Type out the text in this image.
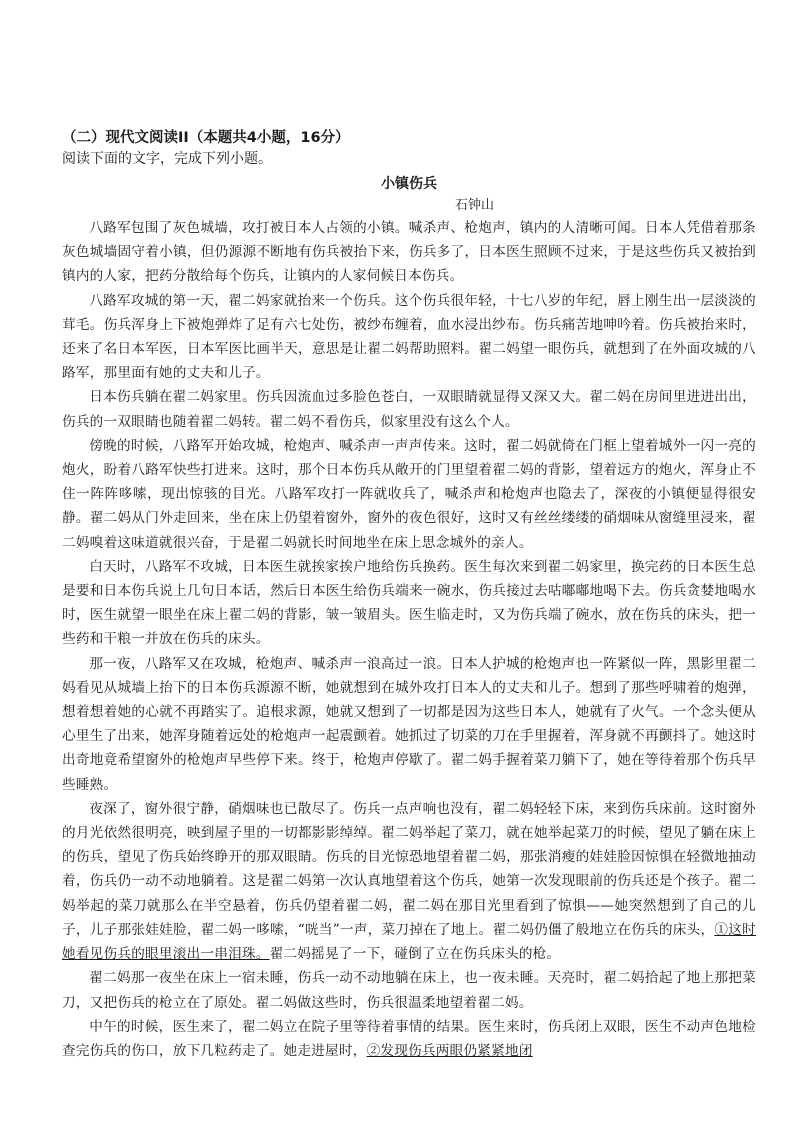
（二）现代文阅读II（本题共4小题，16分）

阅读下面的文字，完成下列小题。

小镇伤兵

石钟山

八路军包围了灰色城墙，攻打被日本人占领的小镇。喊杀声、枪炮声，镇内的人清晰可闻。日本人凭借着那条灰色城墙固守着小镇，但仍源源不断地有伤兵被抬下来，伤兵多了，日本医生照顾不过来，于是这些伤兵又被抬到镇内的人家，把药分散给每个伤兵，让镇内的人家伺候日本伤兵。

八路军攻城的第一天，翟二妈家就抬来一个伤兵。这个伤兵很年轻，十七八岁的年纪，唇上刚生出一层淡淡的茸毛。伤兵浑身上下被炮弹炸了足有六七处伤，被纱布缠着，血水浸出纱布。伤兵痛苦地呻吟着。伤兵被抬来时，还来了名日本军医，日本军医比画半天，意思是让翟二妈帮助照料。翟二妈望一眼伤兵，就想到了在外面攻城的八路军，那里面有她的丈夫和儿子。

日本伤兵躺在翟二妈家里。伤兵因流血过多脸色苍白，一双眼睛就显得又深又大。翟二妈在房间里进进出出，伤兵的一双眼睛也随着翟二妈转。翟二妈不看伤兵，似家里没有这么个人。

傍晚的时候，八路军开始攻城，枪炮声、喊杀声一声声传来。这时，翟二妈就倚在门框上望着城外一闪一亮的炮火，盼着八路军快些打进来。这时，那个日本伤兵从敞开的门里望着翟二妈的背影，望着远方的炮火，浑身止不住一阵阵哆嗦，现出惊骇的目光。八路军攻打一阵就收兵了，喊杀声和枪炮声也隐去了，深夜的小镇便显得很安静。翟二妈从门外走回来，坐在床上仍望着窗外，窗外的夜色很好，这时又有丝丝缕缕的硝烟味从窗缝里浸来，翟二妈嗅着这味道就很兴奋，于是翟二妈就长时间地坐在床上思念城外的亲人。

白天时，八路军不攻城，日本医生就挨家挨户地给伤兵换药。医生每次来到翟二妈家里，换完药的日本医生总是要和日本伤兵说上几句日本话，然后日本医生给伤兵端来一碗水，伤兵接过去咕嘟嘟地喝下去。伤兵贪婪地喝水时，医生就望一眼坐在床上翟二妈的背影，皱一皱眉头。医生临走时，又为伤兵端了碗水，放在伤兵的床头，把一些药和干粮一并放在伤兵的床头。

那一夜，八路军又在攻城，枪炮声、喊杀声一浪高过一浪。日本人护城的枪炮声也一阵紧似一阵，黑影里翟二妈看见从城墙上抬下的日本伤兵源源不断，她就想到在城外攻打日本人的丈夫和儿子。想到了那些呼啸着的炮弹，想着想着她的心就不再踏实了。追根求源，她就又想到了一切都是因为这些日本人，她就有了火气。一个念头便从心里生了出来，她浑身随着远处的枪炮声一起震颤着。她抓过了切菜的刀在手里握着，浑身就不再颤抖了。她这时出奇地竟希望窗外的枪炮声早些停下来。终于，枪炮声停歇了。翟二妈手握着菜刀躺下了，她在等待着那个伤兵早些睡熟。

夜深了，窗外很宁静，硝烟味也已散尽了。伤兵一点声响也没有，翟二妈轻轻下床，来到伤兵床前。这时窗外的月光依然很明亮，映到屋子里的一切都影影绰绰。翟二妈举起了菜刀，就在她举起菜刀的时候，望见了躺在床上的伤兵，望见了伤兵始终睁开的那双眼睛。伤兵的目光惊恐地望着翟二妈，那张消瘦的娃娃脸因惊惧在轻微地抽动着，伤兵仍一动不动地躺着。这是翟二妈第一次认真地望着这个伤兵，她第一次发现眼前的伤兵还是个孩子。翟二妈举起的菜刀就那么在半空悬着，伤兵仍望着翟二妈，翟二妈在那目光里看到了惊惧——她突然想到了自己的儿子，儿子那张娃娃脸，翟二妈一哆嗦，“咣当”一声，菜刀掉在了地上。翟二妈仍僵了般地立在伤兵的床头，①这时她看见伤兵的眼里滚出一串泪珠。翟二妈摇晃了一下，碰倒了立在伤兵床头的枪。

翟二妈那一夜坐在床上一宿未睡，伤兵一动不动地躺在床上，也一夜未睡。天亮时，翟二妈拾起了地上那把菜刀，又把伤兵的枪立在了原处。翟二妈做这些时，伤兵很温柔地望着翟二妈。

中午的时候，医生来了，翟二妈立在院子里等待着事情的结果。医生来时，伤兵闭上双眼，医生不动声色地检查完伤兵的伤口，放下几粒药走了。她走进屋时，②发现伤兵两眼仍紧紧地闭
